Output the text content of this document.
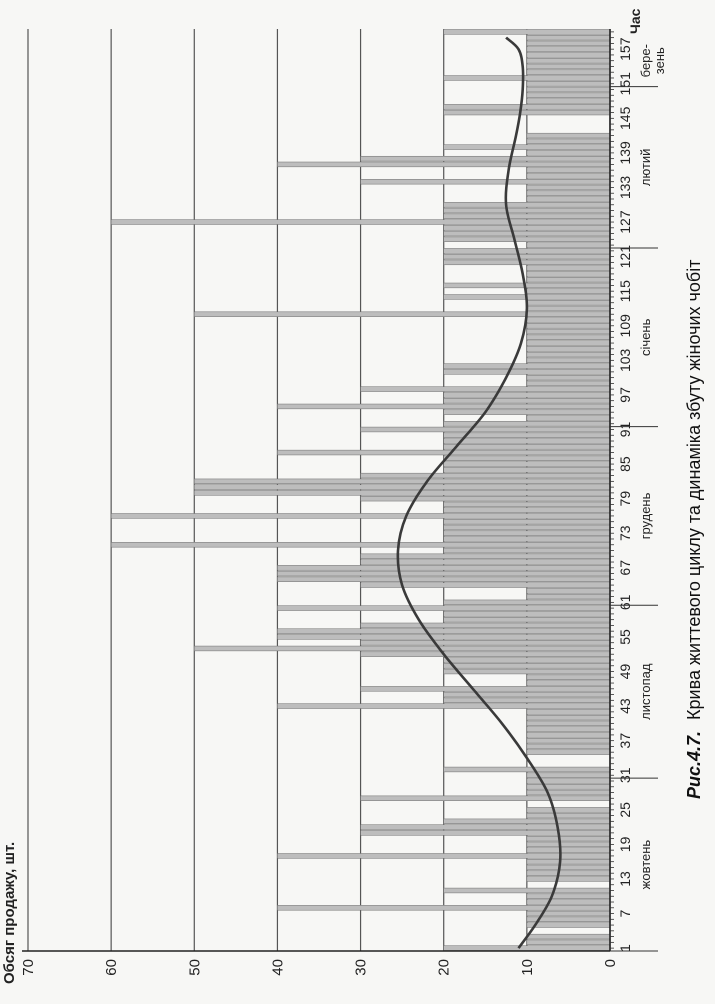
Обсяг продажу, шт.	0
10
20
30
40
50
60
70
1
7
13
19
25
31
37
43
49
55
61
67
73
79
85
91
97
103
109
115
121
127
133
139
145
151
157
жовтень
листопад
грудень
січень
лютий
бере- зень
Час
Рис.4.7. Крива життевого циклу та динаміка збуту жіночих чобіт
